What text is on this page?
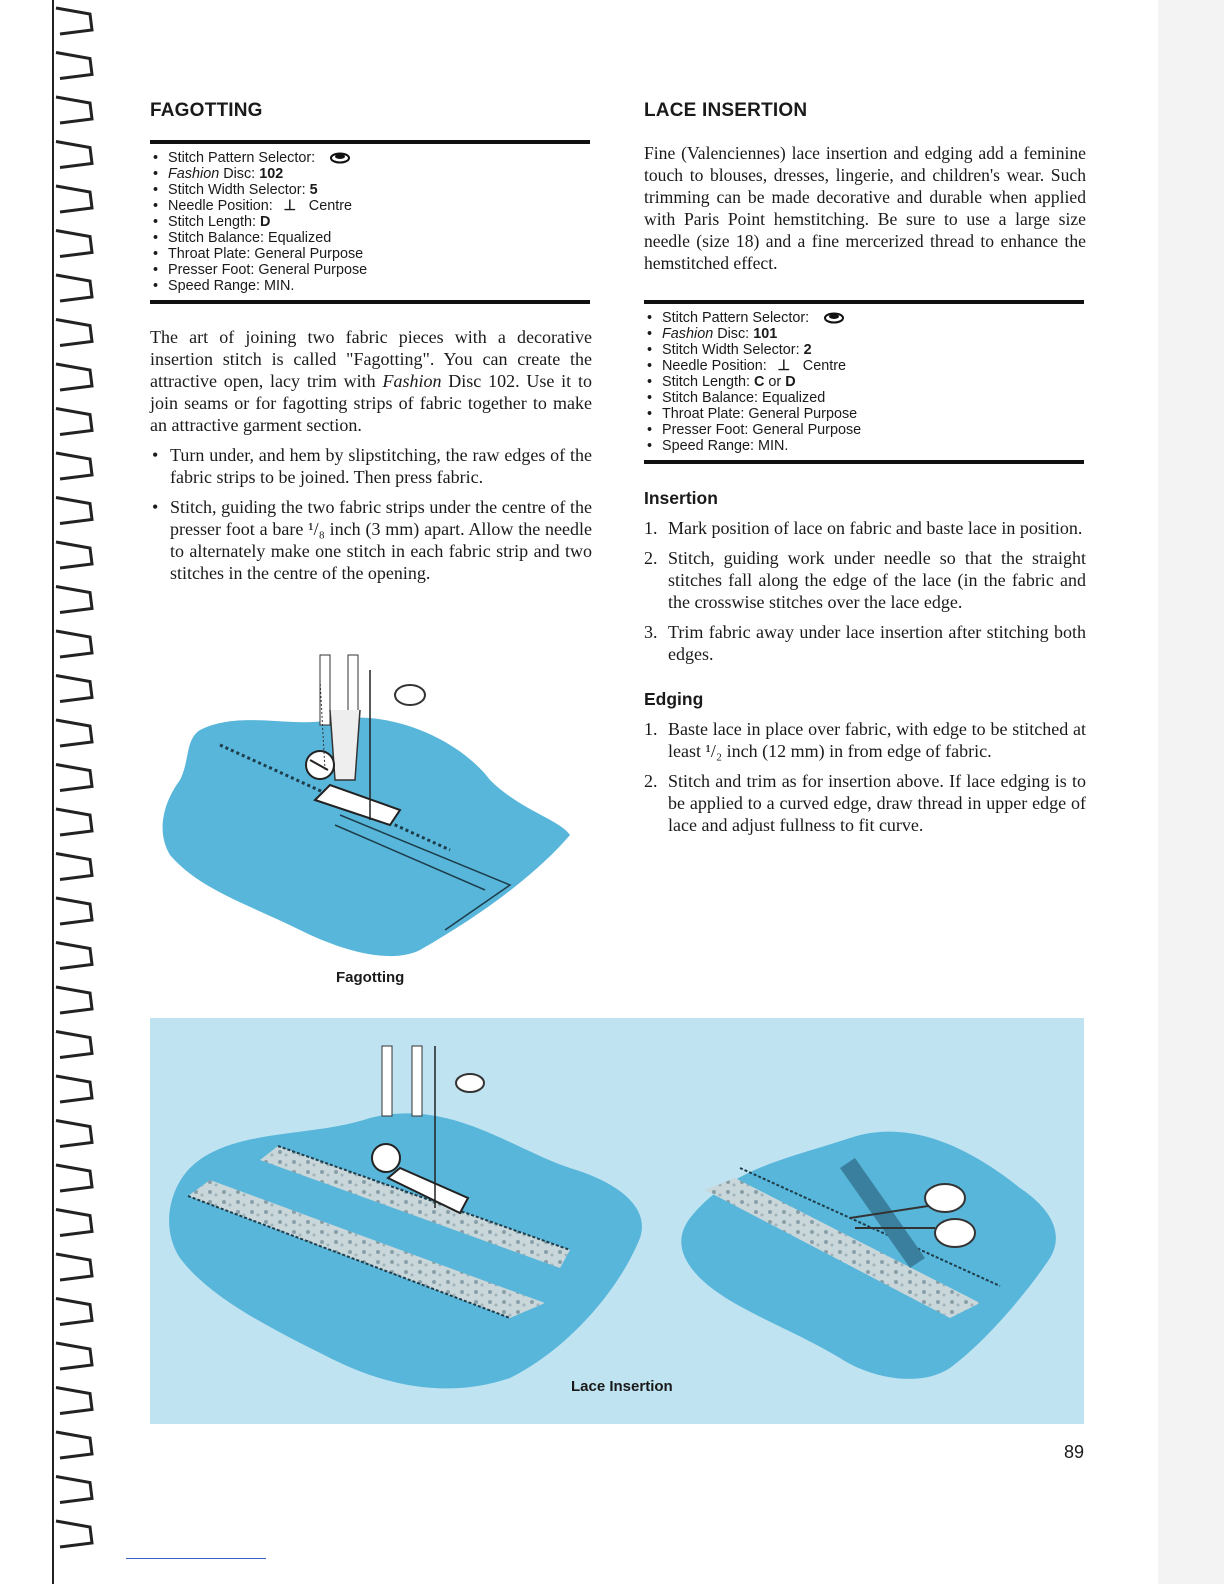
FAGOTTING
• Stitch Pattern Selector:
• Fashion Disc: 102
• Stitch Width Selector: 5
• Needle Position: ⊥ Centre
• Stitch Length: D
• Stitch Balance: Equalized
• Throat Plate: General Purpose
• Presser Foot: General Purpose
• Speed Range: MIN.

The art of joining two fabric pieces with a decorative insertion stitch is called "Fagotting". You can create the attractive open, lacy trim with Fashion Disc 102. Use it to join seams or for fagotting strips of fabric together to make an attractive garment section.

• Turn under, and hem by slipstitching, the raw edges of the fabric strips to be joined. Then press fabric.
• Stitch, guiding the two fabric strips under the centre of the presser foot a bare ¹/₈ inch (3 mm) apart. Allow the needle to alternately make one stitch in each fabric strip and two stitches in the centre of the opening.
Fagotting
LACE INSERTION

Fine (Valenciennes) lace insertion and edging add a feminine touch to blouses, dresses, lingerie, and children's wear. Such trimming can be made decorative and durable when applied with Paris Point hemstitching. Be sure to use a large size needle (size 18) and a fine mercerized thread to enhance the hemstitched effect.

• Stitch Pattern Selector:
• Fashion Disc: 101
• Stitch Width Selector: 2
• Needle Position: ⊥ Centre
• Stitch Length: C or D
• Stitch Balance: Equalized
• Throat Plate: General Purpose
• Presser Foot: General Purpose
• Speed Range: MIN.
Insertion
1. Mark position of lace on fabric and baste lace in position.
2. Stitch, guiding work under needle so that the straight stitches fall along the edge of the lace (in the fabric and the crosswise stitches over the lace edge.
3. Trim fabric away under lace insertion after stitching both edges.
Edging
1. Baste lace in place over fabric, with edge to be stitched at least ¹/₂ inch (12 mm) in from edge of fabric.
2. Stitch and trim as for insertion above. If lace edging is to be applied to a curved edge, draw thread in upper edge of lace and adjust fullness to fit curve.
Lace Insertion
89
